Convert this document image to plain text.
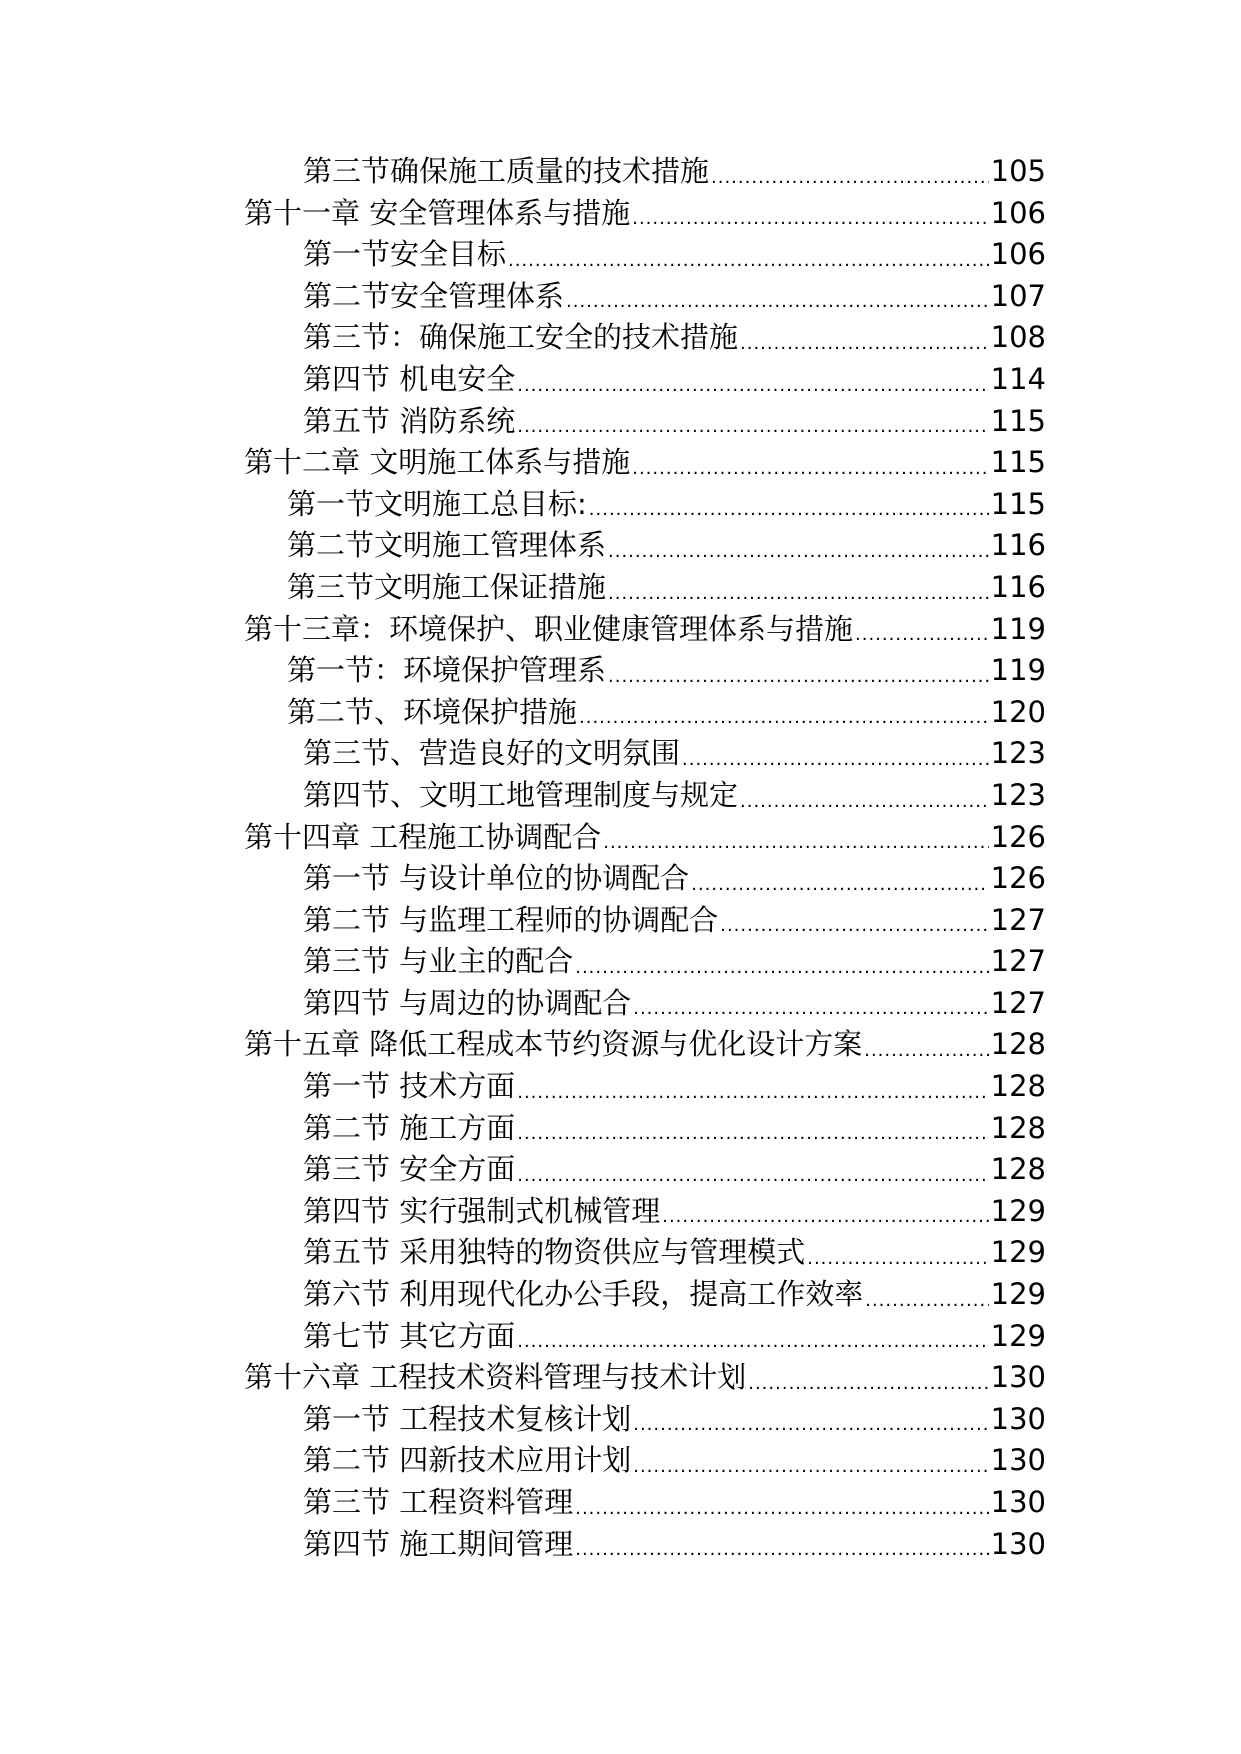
第三节确保施工质量的技术措施 .....	105
第十一章 安全管理体系与措施 .....	106
第一节安全目标 .....	106
第二节安全管理体系 .....	107
第三节：确保施工安全的技术措施 .....	108
第四节 机电安全 .....	114
第五节 消防系统 .....	115
第十二章 文明施工体系与措施 .....	115
第一节文明施工总目标: .....	115
第二节文明施工管理体系 .....	116
第三节文明施工保证措施 .....	116
第十三章：环境保护、职业健康管理体系与措施 .....	119
第一节：环境保护管理系 .....	119
第二节、环境保护措施 .....	120
第三节、营造良好的文明氛围 .....	123
第四节、文明工地管理制度与规定 .....	123
第十四章 工程施工协调配合 .....	126
第一节 与设计单位的协调配合 .....	126
第二节 与监理工程师的协调配合 .....	127
第三节 与业主的配合 .....	127
第四节 与周边的协调配合 .....	127
第十五章 降低工程成本节约资源与优化设计方案 .....	128
第一节 技术方面 .....	128
第二节 施工方面 .....	128
第三节 安全方面 .....	128
第四节 实行强制式机械管理 .....	129
第五节 采用独特的物资供应与管理模式 .....	129
第六节 利用现代化办公手段，提高工作效率 .....	129
第七节 其它方面 .....	129
第十六章 工程技术资料管理与技术计划 .....	130
第一节 工程技术复核计划 .....	130
第二节 四新技术应用计划 .....	130
第三节 工程资料管理 .....	130
第四节 施工期间管理 .....	130
